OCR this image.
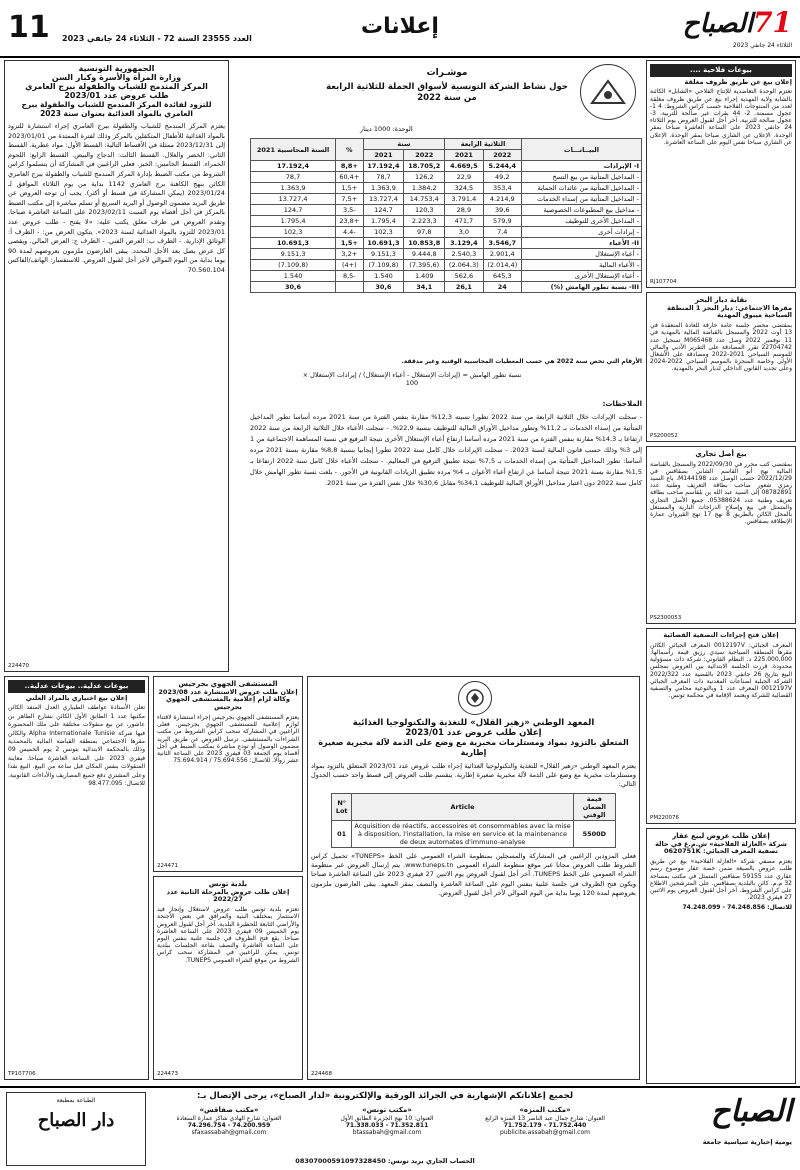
11 العدد 23555 السنة 72 - الثلاثاء 24 جانفي 2023	إعلانات	71الصباح
الثلاثاء 24 جانفي 2023
بيوعات فلاحية ....
إعلان بيع عن طريق ظروف مغلقة
تعتزم الوحدة التعاضدية للإنتاج الفلاحي «الشابل» الكائنة بالشابة ولاية المهدية إجراء بيع عن طريق ظروف مغلقة لعدد من المنتوجات الفلاحية حسب كراس الشروط: 4 1- عجول مسمنة. 2- 44 بقرات غير صالحة للتربية. 3- عجول صالحة للتربية. آخر أجل لقبول العروض يوم الثلاثاء 24 جانفي 2023 على الساعة العاشرة صباحا بمقر الوحدة. الإعلان عن الشاري صباحا بمقر الوحدة. الإعلان عن الشاري صباحا نفس اليوم على الساعة العاشرة.
RJ107704
نقابة ديار البحر
مقرها الاجتماعي: ديار البحر 1 المنطقة السياحية ميبوق المهدية
بمقتضى محضر جلسة عامة خارقة للعادة المنعقدة في 13 أوت 2022 والمسجل بالقباضة المالية بالمهدية في 11 نوفمبر 2022 وصل عدد M065468 تسجيل عدد 22704742 تقرر المصادقة على التقرير الأدبي والمالي للموسم السياحي 2021-2022 ومصادقة على الأشغال الأولى وخاصة المنجزة بالموسم السياحي 2022-2024 وعلى تجديد القانون الداخلي لديار البحر بالمهدية.
PS200052
بيع أصل تجاري
بمقتضى كتب محرر في 2022/09/30 والمسجل بالقباضة المالية نهج أبو القاسم الشابي بصفاقس في 2022/12/29 حسب الوصل عدد M144198، باع السيد رمزي شعور صاحب بطاقة التعريف وطنية عدد 08782891 إلى السيد عبد الله بن بلقاسم صاحب بطاقة تعريف وطنية عدد 05388624، جميع الأصل التجاري والمتمثل في بيع وإصلاح الدراجات النارية والمستغل بالمحل الكائن بالطريق 8 نهج 17 نهج القيروان عمارة الإنطلاقة بصفاقس.
PS2300053
إعلان فتح إجراءات التصفية القضائية
المعرف الجبائي: 0012197V المعرف الجبائي الكائن مقرها المنطقة السياحية سيدي رزيق قيمة رأسمالها: 225.000,000 د. النظام القانوني: شركة ذات مسؤولية محدودة. قررت الجلسة الابتدائية بين العروض بمجلس البيع بتاريخ 26 جانفي 2023 بالقضية عدد 2022/322 الشركة الجبلية لصناعات المعدنية ذات المعرف الجبائي 0012197V المعرف عدد 1 وبالنوعية محامي والتصفية القضائية للشركة ويعتمد الإقامة في محكمة تونس.
PM220076
إعلان طلب عروض لبيع عقار
شركة «العازلة الفلاحية» ش.م.ع في حالة تصفية المعرف الجبائي: 0620751K
يعتزم مصفي شركة «العازلة الفلاحية» بيع عن طريق طلب عروض بالصيغة ضمن حصة عقار موضوع رسم عقاري عدد 59155 صفاقس المتمثل في مكتب بمساحة 32 م.م. كائن بالبلدية بصفاقس. على المترشحين الاطلاع على كراس الشروط. آخر أجل لقبول العروض يوم الاثنين 27 فيفري 2023.
للاتصال: 74.248.856 - 74.248.099
موشـرات
حول نشاط الشركة التونسية لأسواق الجملة للثلاثية الرابعة من سنة 2022
الوحدة: 1000 دينار
البيــانـــات	الثلاثية الرابعة		سنة		%	السنة المحاسبية 2021
	2022	2021	2022	2021		
I- الإيرادات	5.244,4	4.669,5	18.705,2	17.192,4	+8,8	17.192,4
- المداخيل المتأتية من بيع التسخ	49,2	22,9	126,2	78,7	+60,4	78,7
- المداخيل المتأتية من عائدات الحماية	353,4	324,5	1.384,2	1.363,9	+1,5	1.363,9
- المداخيل المتأتية من إسداء الخدمات	4.214,9	3.791,4	14.753,4	13.727,4	+7,5	13.727,4
- مداخيل بيع المطبوعات الخصوصية	39,6	28,9	120,3	124,7	-3,5	124,7
- المداخيل الأخرى للتوظيف	579,9	471,7	2.223,3	1.795,4	+23,8	1.795,4
- إيرادات أخرى	7,4	3,0	97,8	102,3	-4,4	102,3
II- الأعباء	3.546,7	3.129,4	10.853,8	10.691,3	+1,5	10.691,3
- أعباء الإستغلال	2.901,4	2.540,3	9.444,8	9.151,3	+3,2	9.151,3
- الأعباء المالية	(2.014,4)	(2.064,3)	(7.395,6)	(7.109,8)	(+4)	(7.109,8)
- أعباء الإستغلال الأخرى	645,3	562,6	1.409	1.540	-8,5	1.540
III- نسبة تطور الهامش (%)	24	26,1	34,1	30,6		30,6
الأرقام التي تخص سنة 2022 هي حسب المعطيات المحاسبية الوقتية وغير مدققة.
نسبة تطور الهامش = (إيرادات الإستغلال - أعباء الإستغلال) / إيرادات الإستغلال × 100
الملاحظات:
- سجلت الإيرادات خلال الثلاثية الرابعة من سنة 2022 تطورا نسبته 12,3% مقارنة بنفس الفترة من سنة 2021 مرده أساسا تطور المداخيل المتأتية من إسداء الخدمات بـ 11,2% وتطور مداخيل الأوراق المالية للتوظيف بنسبة 22,9%. - سجلت الأعباء خلال الثلاثية الرابعة من سنة 2022 ارتفاعا بـ 14,3% مقارنة بنفس الفترة من سنة 2021 مرده أساسا ارتفاع أعباء الإستغلال الأخرى نتيجة الترفيع في نسبة المساهمة الاجتماعية من 1 إلى 3% وذلك حسب قانون المالية لسنة 2023. - سجلت الإيرادات خلال كامل سنة 2022 تطورا إيجابيا بنسبة 8,8% مقارنة بسنة 2021 مرده أساسا: تطور المداخيل المتأتية من إسداء الخدمات بـ 7,5% نتيجة تطبيق الترفيع في المعاليم. - سجلت الأعباء خلال كامل سنة 2022 ارتفاعا بـ 1,5% مقارنة بسنة 2021 نتيجة أساسا عن ارتفاع أعباء الأعوان بـ 4% مرده تطبيق الزيادات القانونية في الأجور. - بلغت نسبة تطور الهامش خلال كامل سنة 2022 دون اعتبار مداخيل الأوراق المالية للتوظيف 34,1% مقابل 30,6% خلال نفس الفترة من سنة 2021.
الجمهورية التونسية
وزارة المرأة والأسرة وكبار السن
المركز المندمج للشباب والطفولة ببرج العامري
طلب عروض عدد 2023/01
للتزود لفائدة المركز المندمج للشباب والطفولة ببرج العامري بالمواد الغذائية بعنوان سنة 2023
يعتزم المركز المندمج للشباب والطفولة ببرج العامري إجراء استشارة للتزود بالمواد الغذائية للأطفال المتكفلين بالمركز وذلك لفترة الممتدة من 2023/01/01 إلى 2023/12/31 ممثلة في الأقساط التالية: القسط الأول: مواد عطرية. القسط الثاني: الخضر والغلال. القسط الثالث: الدجاج والبيض. القسط الرابع: اللحوم الحمراء. القسط الخامس: الخبز. فعلى الراغبين في المشاركة أن يتسلموا كراس الشروط من مكتب الضبط بإدارة المركز المندمج للشباب والطفولة ببرج العامري الكائن بنهج الكاهنة برج العامري 1142 بداية من يوم الثلاثاء الموافق لـ 2023/01/24 (يمكن المشاركة في قسط أو أكثر). يجب أن توجه العروض عن طريق البريد مضمون الوصول أو البريد السريع أو تسلم مباشرة إلى مكتب الضبط بالمركز في أجل أقصاه يوم السبت 2023/02/11 على الساعة العاشرة صباحا. وتقدم العروض في ظرف مغلق يكتب عليه: «لا يفتح - طلب عروض عدد 2023/01 للتزود بالمواد الغذائية لسنة 2023». يتكون العرض من: - الظرف أ: الوثائق الإدارية. - الظرف ب: العرض الفني. - الظرف ج: العرض المالي. ويقصى كل عرض يصل بعد الأجل المحدد. يبقى العارضون ملزمون بعروضهم لمدة 90 يوما بداية من اليوم الموالي لآخر أجل لقبول العروض. للاستفسار: الهاتف/الفاكس 70.560.104
224470
بيوعات عدلية.. بيوعات عدلية..
إعلان بيع اختياري بالمزاد العلني
تعلن الأستاذة عواطف الطيباري العدل المنفذ الكائن مكتبها عدد 1 الطابق الأول الكائن بشارع الطاهر بن عاشور، عن بيع منقولات مختلفة على ملك المحضورة فيها شركة Alpha Internationale Tunisie والكائن مقرها الاجتماعي بمنطقة القباضة المالية بالمحمدية وذلك بالمحكمة الابتدائية بتونس 2 يوم الخميس 09 فيفري 2023 على الساعة العاشرة صباحا. معاينة المنقولات بنفس المكان قبل ساعة من البيع. البيع نقدا وعلى المشتري دفع جميع المصاريف والأداءات القانونية. للاتصال: 98.477.095
TP107706
المستشفى الجهوي بجرجيس
إعلان طلب عروض الاستشارة عدد 2023/08
وكالة لزام إعلامية بالمستشفى الجهوي بجرجيس
يعتزم المستشفى الجهوي بجرجيس إجراء استشارة لاقتناء لوازم إعلامية للمستشفى الجهوي بجرجيس. فعلى الراغبين في المشاركة سحب كراس الشروط من مكتب الشراءات بالمستشفى. ترسل العروض عن طريق البريد مضمون الوصول أو تودع مباشرة بمكتب الضبط في أجل أقصاه يوم الجمعة 03 فيفري 2023 على الساعة الثانية عشر زوالا. للاتصال: 75.694.556 / 75.694.914
224471
بلدية تونس
إعلان طلب عروض بالمرحلة الثانية عدد 2022/27
تعتزم بلدية تونس طلب عروض لاستغلال وإنجاز قيد الاستثمار بمختلف البنية والمرافق في بعض الأجنحة والأراضي التابعة للحظيرة البلدية. آخر أجل لقبول العروض يوم الخميس 09 فيفري 2023 على الساعة العاشرة صباحا. يقع فتح الظروف في جلسة علنية بنفس اليوم على الساعة العاشرة والنصف بقاعة الجلسات ببلدية تونس. يمكن للراغبين في المشاركة سحب كراس الشروط من موقع الشراء العمومي TUNEPS.
224473
المعهد الوطني «زهير القلال» للتغذية والتكنولوجيا الغذائية
إعلان طلب عروض عدد 2023/01
المتعلق بالتزود بمواد ومستلزمات مخبرية مع وضع على الذمة لآلة مخبرية صغيرة إطارية
يعتزم المعهد الوطني «زهير القلال» للتغذية والتكنولوجيا الغذائية إجراء طلب عروض عدد 2023/01 المتعلق بالتزود بمواد ومستلزمات مخبرية مع وضع على الذمة لآلة مخبرية صغيرة إطارية. ينقسم طلب العروض إلى قسط واحد حسب الجدول التالي:
قيمة الضمان الوقتي	Article	N° Lot
5500D	Acquisition de réactifs, accessoires et consommables avec la mise à disposition, l'installation, la mise en service et la maintenance de deux automates d'immuno-analyse	01
فعلى المزودين الراغبين في المشاركة والمسجلين بمنظومة الشراء العمومي على الخط «TUNEPS» تحميل كراس الشروط طلب العروض مجانا عبر موقع منظومة الشراء العمومي www.tuneps.tn. يتم إرسال العروض عبر منظومة الشراء العمومي على الخط TUNEPS. آخر أجل لقبول العروض يوم الاثنين 27 فيفري 2023 على الساعة العاشرة صباحا ويكون فتح الظروف في جلسة علنية بنفس اليوم على الساعة العاشرة والنصف بمقر المعهد. يبقى العارضون ملزمون بعروضهم لمدة 120 يوما بداية من اليوم الموالي لآخر أجل لقبول العروض.
224468
لجميع إعلاناتكم الإشهارية في الجرائد الورقية والإلكترونية «لدار الصباح»، يرجى الإتصال بـ:	الصباح
يومية إخبارية سياسية جامعة
«مكتب المنزه»
العنوان: شارع جمال عبد الناصر 13 المنزه الرابع
71.752.179 - 71.752.440
publicite.assabah@gmail.com
«مكتب تونس»
العنوان: 10 نهج الجزيرة الطابق الأول
71.338.033 - 71.352.811
btassabah@gmail.com
«مكتب صفاقس»
العنوان: شارع الهادي شاكر عمارة السعادة
74.296.754 - 74.200.959
sfaxassabah@gmail.com
الحساب الجاري بريد تونس: 08307000591097328450
الطباعة بمطبعة
دار الصباح
